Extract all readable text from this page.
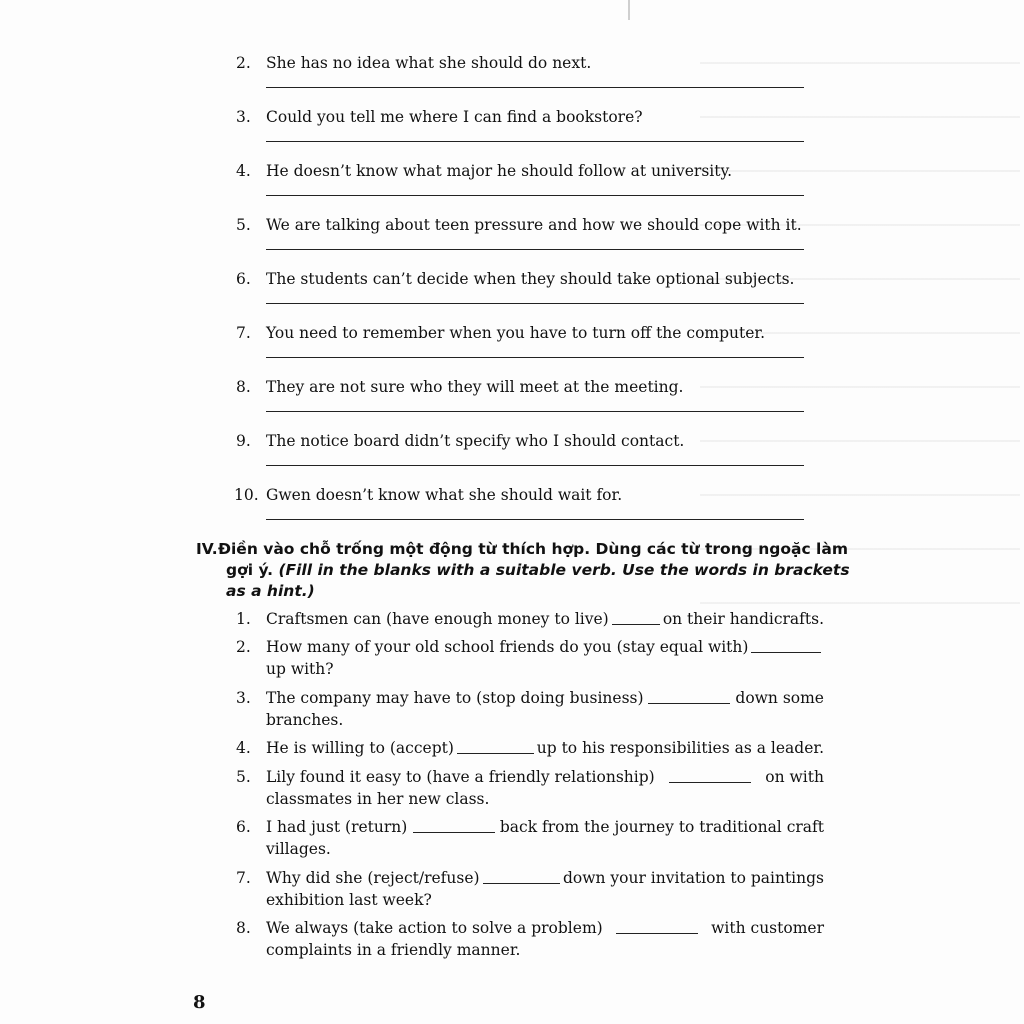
2. She has no idea what she should do next.
3. Could you tell me where I can find a bookstore?
4. He doesn’t know what major he should follow at university.
5. We are talking about teen pressure and how we should cope with it.
6. The students can’t decide when they should take optional subjects.
7. You need to remember when you have to turn off the computer.
8. They are not sure who they will meet at the meeting.
9. The notice board didn’t specify who I should contact.
10. Gwen doesn’t know what she should wait for.
IV. Điền vào chỗ trống một động từ thích hợp. Dùng các từ trong ngoặc làm
gợi ý. (Fill in the blanks with a suitable verb. Use the words in brackets
as a hint.)
1. Craftsmen can (have enough money to live)	on their handicrafts.
2. How many of your old school friends do you (stay equal with)
up with?
3. The company may have to (stop doing business)	down some
branches.
4. He is willing to (accept)	up to his responsibilities as a leader.
5. Lily found it easy to (have a friendly relationship)	on with
classmates in her new class.
6. I had just (return)	back from the journey to traditional craft
villages.
7. Why did she (reject/refuse)	down your invitation to paintings
exhibition last week?
8. We always (take action to solve a problem)	with customer
complaints in a friendly manner.
8
